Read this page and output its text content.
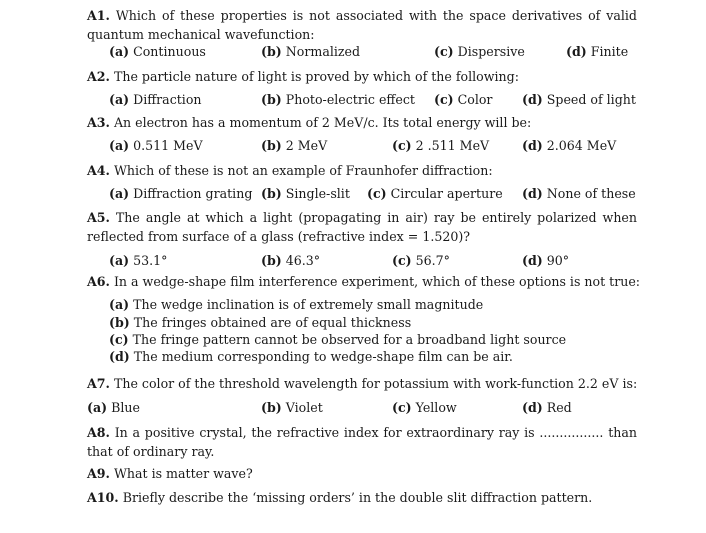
A1. Which of these properties is not associated with the space derivatives of valid quantum mechanical wavefunction:
(a) Continuous	(b) Normalized	(c) Dispersive	(d) Finite
A2. The particle nature of light is proved by which of the following:
(a) Diffraction	(b) Photo-electric effect (c) Color (d) Speed of light
A3. An electron has a momentum of 2 MeV/c. Its total energy will be:
(a) 0.511 MeV	(b) 2 MeV	(c) 2 .511 MeV	(d) 2.064 MeV
A4. Which of these is not an example of Fraunhofer diffraction:
(a) Diffraction grating (b) Single-slit (c) Circular aperture (d) None of these
A5. The angle at which a light (propagating in air) ray be entirely polarized when reflected from surface of a glass (refractive index = 1.520)?
(a) 53.1°	(b) 46.3°	(c) 56.7°	(d) 90°
A6. In a wedge-shape film interference experiment, which of these options is not true:
(a) The wedge inclination is of extremely small magnitude
(b) The fringes obtained are of equal thickness
(c) The fringe pattern cannot be observed for a broadband light source
(d) The medium corresponding to wedge-shape film can be air.
A7. The color of the threshold wavelength for potassium with work-function 2.2 eV is:
(a) Blue	(b) Violet	(c) Yellow	(d) Red
A8. In a positive crystal, the refractive index for extraordinary ray is ................ than that of ordinary ray.
A9. What is matter wave?
A10. Briefly describe the ‘missing orders’ in the double slit diffraction pattern.
